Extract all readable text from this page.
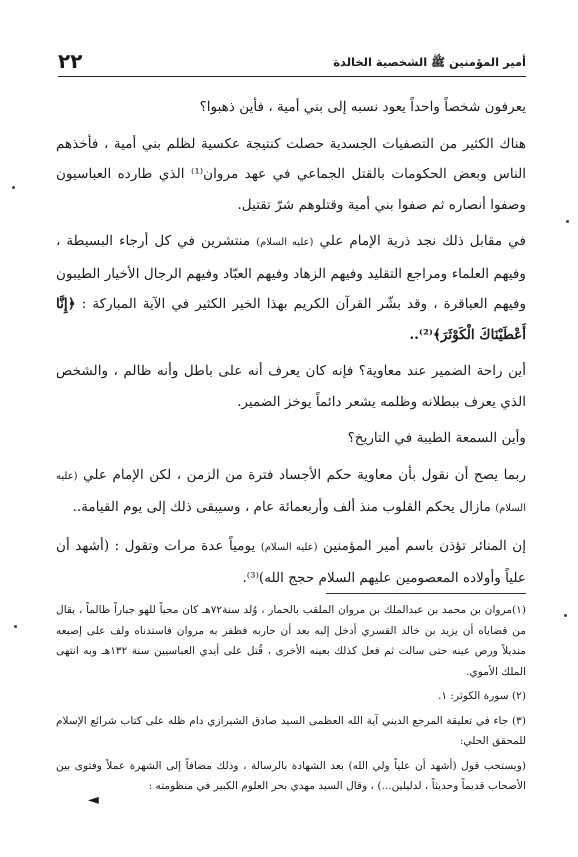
٢٢	أمير المؤمنين ﷺ الشخصية الخالدة

يعرفون شخصاً واحداً يعود نسبه إلى بني أمية ، فأين ذهبوا؟

هناك الكثير من التصفيات الجسدية حصلت كنتيجة عكسية لظلم بني أمية ، فأخذهم الناس وبعض الحكومات بالقتل الجماعي في عهد مروان⁽¹⁾ الذي طارده العباسيون وصفوا أنصاره ثم صفوا بني أمية وقتلوهم شرّ تقتيل.

في مقابل ذلك نجد ذرية الإمام علي (عليه السلام) منتشرين في كل أرجاء البسيطة ، وفيهم العلماء ومراجع التقليد وفيهم الزهاد وفيهم العبّاد وفيهم الرجال الأخيار الطيبون وفيهم العباقرة ، وقد بشّر القرآن الكريم بهذا الخير الكثير في الآية المباركة : ﴿إِنَّا أَعْطَيْنَاكَ الْكَوْثَرَ﴾⁽²⁾..

أين راحة الضمير عند معاوية؟ فإنه كان يعرف أنه على باطل وأنه ظالم ، والشخص الذي يعرف ببطلانه وظلمه يشعر دائماً يوخز الضمير.

وأين السمعة الطيبة في التاريخ؟

ربما يصح أن نقول بأن معاوية حكم الأجساد فترة من الزمن ، لكن الإمام علي (عليه السلام) مازال يحكم القلوب منذ ألف وأربعمائة عام ، وسيبقى ذلك إلى يوم القيامة..

إن المنائر تؤذن باسم أمير المؤمنين (عليه السلام) يومياً عدة مرات وتقول : (أشهد أن علياً وأولاده المعصومين عليهم السلام حجج الله)⁽³⁾.

(١)مروان بن محمد بن عبدالملك بن مروان الملقب بالحمار ، وُلد سنة٧٢هـ كان محباً للهو جباراً ظالماً ، يقال من قضاياه أن يزيد بن خالد القسري أدخل إليه بعد أن حاربه فظفر به مروان فاستدناه ولف على إصبعه منديلاً ورص عينه حتى سالت ثم فعل كذلك بعينه الأخرى ، قُتل على أيدي العباسيين سنة ١٣٢هـ وبه انتهى الملك الأموي.

(٢) سورة الكوثر: ١.

(٣) جاء في تعليقة المرجع الديني آية الله العظمى السيد صادق الشيرازي دام ظله على كتاب شرائع الإسلام للمحقق الحلي:

(ويستحب قول (أشهد أن علياً ولي الله) بعد الشهادة بالرسالة ، وذلك مضافاً إلى الشهرة عملاً وفتوى بين الأصحاب قديماً وحديثاً ، لدليلين...) ، وقال السيد مهدي بحر العلوم الكبير في منظومته :

◄
